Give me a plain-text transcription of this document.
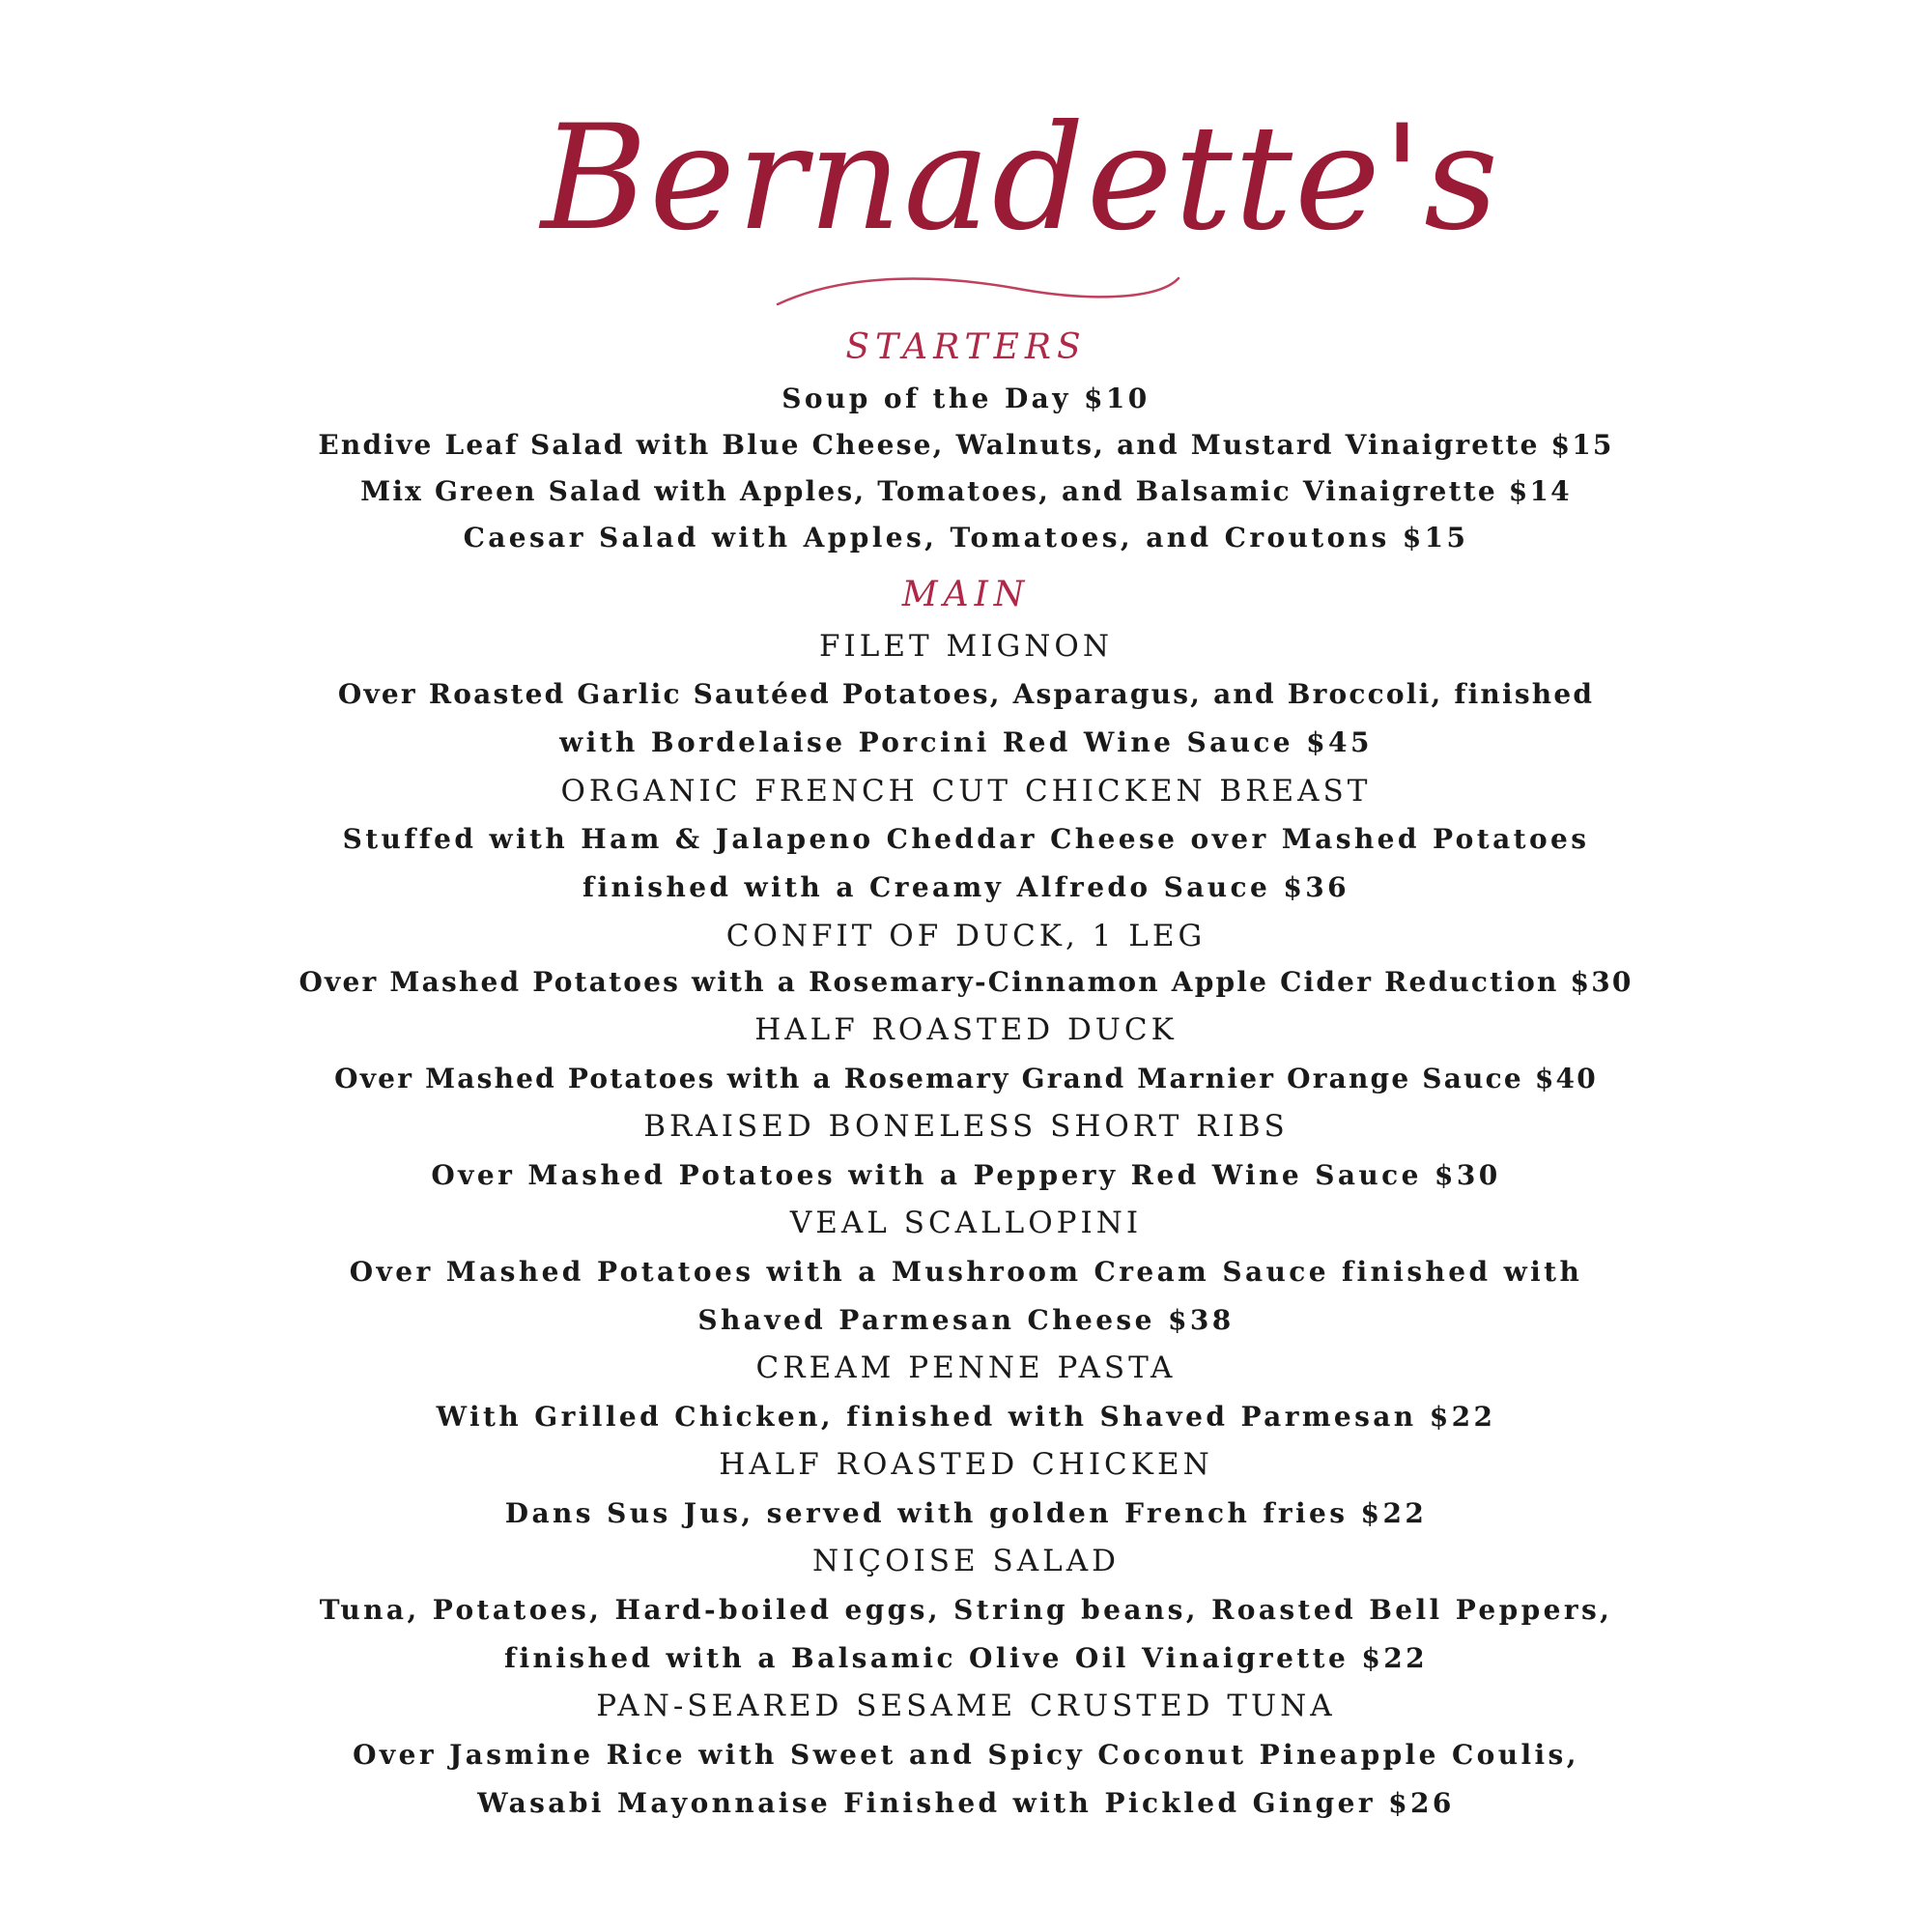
Bernadette's
STARTERS
Soup of the Day $10
Endive Leaf Salad with Blue Cheese, Walnuts, and Mustard Vinaigrette $15
Mix Green Salad with Apples, Tomatoes, and Balsamic Vinaigrette $14
Caesar Salad with Apples, Tomatoes, and Croutons $15
MAIN
FILET MIGNON
Over Roasted Garlic Sautéed Potatoes, Asparagus, and Broccoli, finished
with Bordelaise Porcini Red Wine Sauce $45
ORGANIC FRENCH CUT CHICKEN BREAST
Stuffed with Ham & Jalapeno Cheddar Cheese over Mashed Potatoes
finished with a Creamy Alfredo Sauce $36
CONFIT OF DUCK, 1 LEG
Over Mashed Potatoes with a Rosemary-Cinnamon Apple Cider Reduction $30
HALF ROASTED DUCK
Over Mashed Potatoes with a Rosemary Grand Marnier Orange Sauce $40
BRAISED BONELESS SHORT RIBS
Over Mashed Potatoes with a Peppery Red Wine Sauce $30
VEAL SCALLOPINI
Over Mashed Potatoes with a Mushroom Cream Sauce finished with
Shaved Parmesan Cheese $38
CREAM PENNE PASTA
With Grilled Chicken, finished with Shaved Parmesan $22
HALF ROASTED CHICKEN
Dans Sus Jus, served with golden French fries $22
NIÇOISE SALAD
Tuna, Potatoes, Hard-boiled eggs, String beans, Roasted Bell Peppers,
finished with a Balsamic Olive Oil Vinaigrette $22
PAN-SEARED SESAME CRUSTED TUNA
Over Jasmine Rice with Sweet and Spicy Coconut Pineapple Coulis,
Wasabi Mayonnaise Finished with Pickled Ginger $26
